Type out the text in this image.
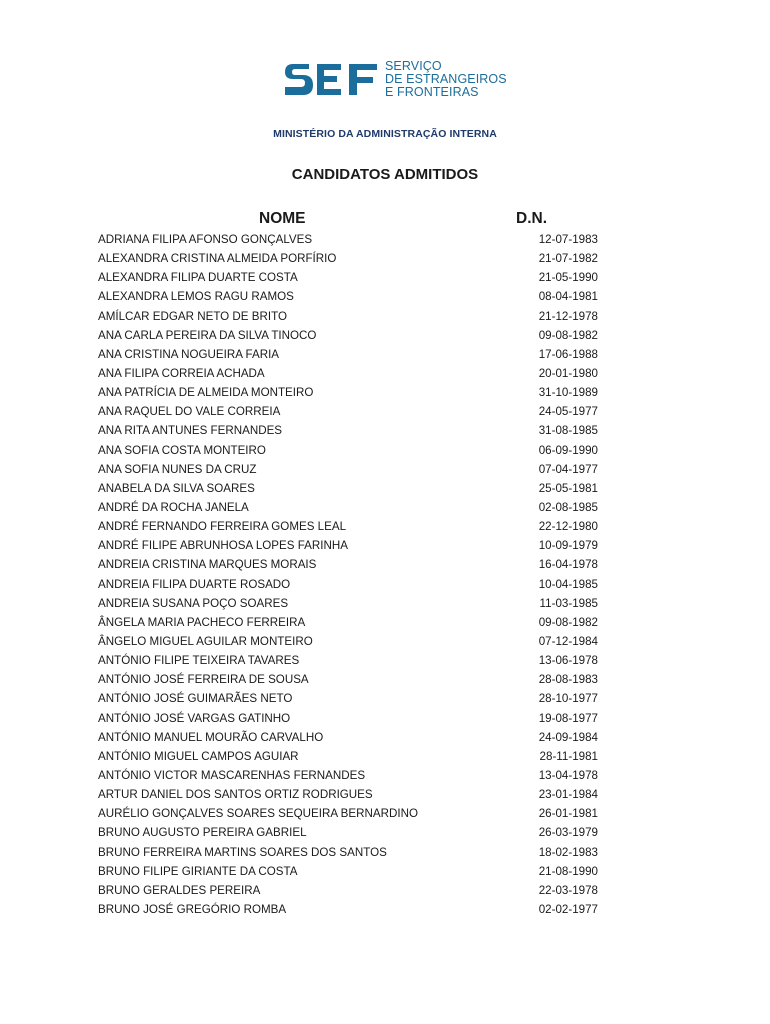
SERVIÇO
DE ESTRANGEIROS
E FRONTEIRAS
MINISTÉRIO DA ADMINISTRAÇÃO INTERNA
CANDIDATOS ADMITIDOS
NOME	D.N.
ADRIANA FILIPA AFONSO GONÇALVES	12-07-1983
ALEXANDRA CRISTINA ALMEIDA PORFÍRIO	21-07-1982
ALEXANDRA FILIPA DUARTE COSTA	21-05-1990
ALEXANDRA LEMOS RAGU RAMOS	08-04-1981
AMÍLCAR EDGAR NETO DE BRITO	21-12-1978
ANA CARLA PEREIRA DA SILVA TINOCO	09-08-1982
ANA CRISTINA NOGUEIRA FARIA	17-06-1988
ANA FILIPA CORREIA ACHADA	20-01-1980
ANA PATRÍCIA DE ALMEIDA MONTEIRO	31-10-1989
ANA RAQUEL DO VALE CORREIA	24-05-1977
ANA RITA ANTUNES FERNANDES	31-08-1985
ANA SOFIA COSTA MONTEIRO	06-09-1990
ANA SOFIA NUNES DA CRUZ	07-04-1977
ANABELA DA SILVA SOARES	25-05-1981
ANDRÉ DA ROCHA JANELA	02-08-1985
ANDRÉ FERNANDO FERREIRA GOMES LEAL	22-12-1980
ANDRÉ FILIPE ABRUNHOSA LOPES FARINHA	10-09-1979
ANDREIA CRISTINA MARQUES MORAIS	16-04-1978
ANDREIA FILIPA DUARTE ROSADO	10-04-1985
ANDREIA SUSANA POÇO SOARES	11-03-1985
ÂNGELA MARIA PACHECO FERREIRA	09-08-1982
ÂNGELO MIGUEL AGUILAR MONTEIRO	07-12-1984
ANTÓNIO FILIPE TEIXEIRA TAVARES	13-06-1978
ANTÓNIO JOSÉ FERREIRA DE SOUSA	28-08-1983
ANTÓNIO JOSÉ GUIMARÃES NETO	28-10-1977
ANTÓNIO JOSÉ VARGAS GATINHO	19-08-1977
ANTÓNIO MANUEL MOURÃO CARVALHO	24-09-1984
ANTÓNIO MIGUEL CAMPOS AGUIAR	28-11-1981
ANTÓNIO VICTOR MASCARENHAS FERNANDES	13-04-1978
ARTUR DANIEL DOS SANTOS ORTIZ RODRIGUES	23-01-1984
AURÉLIO GONÇALVES SOARES SEQUEIRA BERNARDINO	26-01-1981
BRUNO AUGUSTO PEREIRA GABRIEL	26-03-1979
BRUNO FERREIRA MARTINS SOARES DOS SANTOS	18-02-1983
BRUNO FILIPE GIRIANTE DA COSTA	21-08-1990
BRUNO GERALDES PEREIRA	22-03-1978
BRUNO JOSÉ GREGÓRIO ROMBA	02-02-1977
